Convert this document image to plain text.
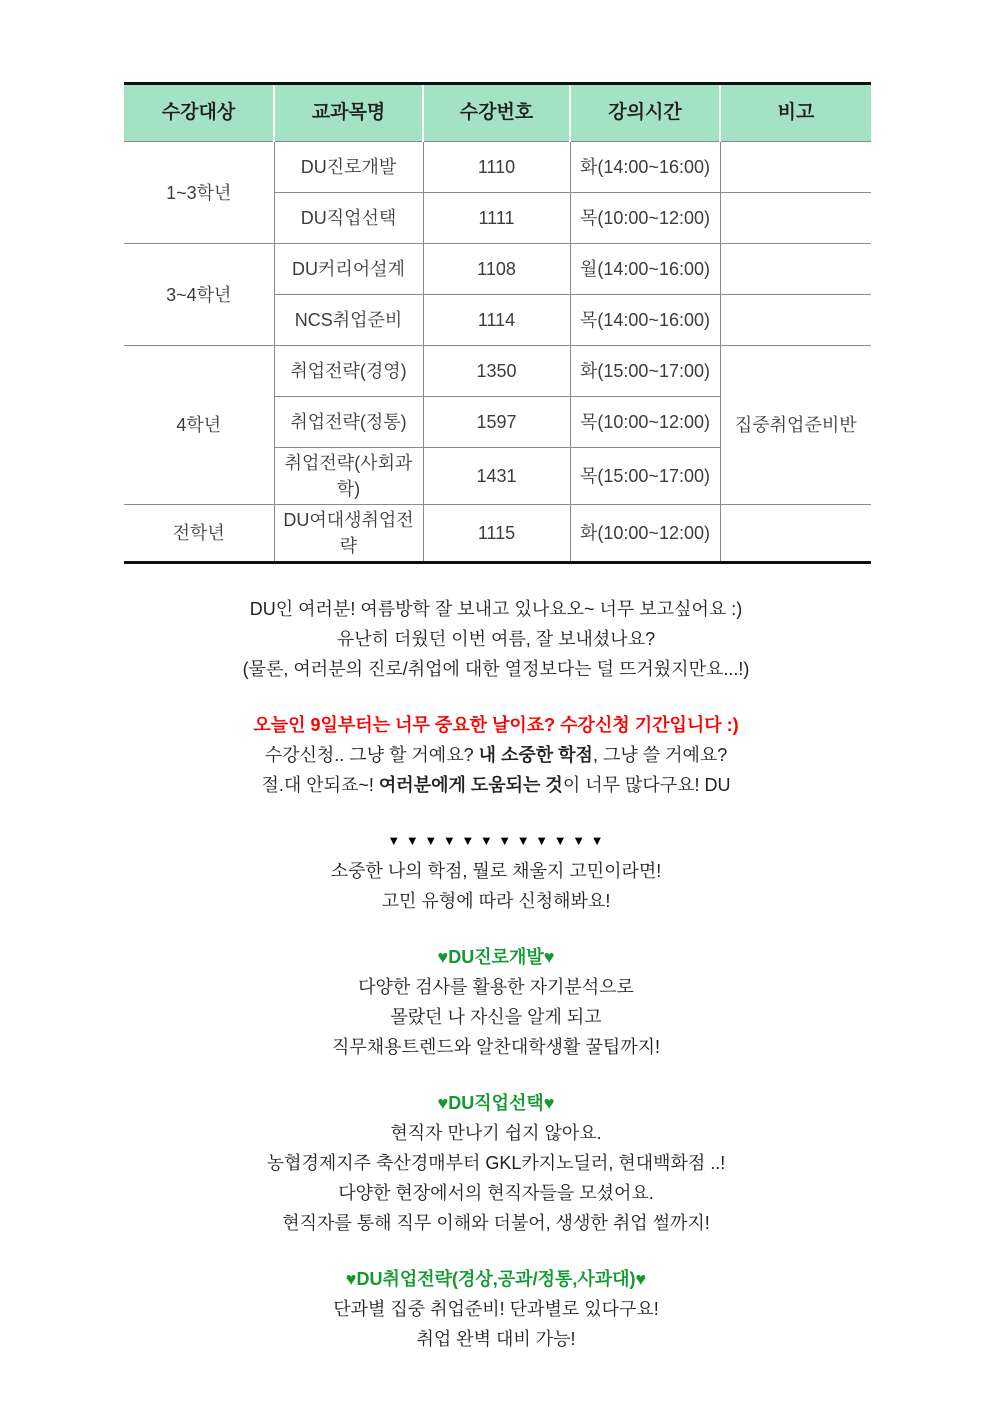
수강대상	교과목명	수강번호	강의시간	비고
1~3학년	DU진로개발	1110	화(14:00~16:00)	
	DU직업선택	1111	목(10:00~12:00)	
3~4학년	DU커리어설계	1108	월(14:00~16:00)	
	NCS취업준비	1114	목(14:00~16:00)	
4학년	취업전략(경영)	1350	화(15:00~17:00)	집중취업준비반
	취업전략(정통)	1597	목(10:00~12:00)	
	취업전략(사회과학)	1431	목(15:00~17:00)	
전학년	DU여대생취업전략	1115	화(10:00~12:00)	

DU인 여러분! 여름방학 잘 보내고 있나요오~ 너무 보고싶어요 :)
유난히 더웠던 이번 여름, 잘 보내셨나요?
(물론, 여러분의 진로/취업에 대한 열정보다는 덜 뜨거웠지만요...!)

오늘인 9일부터는 너무 중요한 날이죠? 수강신청 기간입니다 :)
수강신청.. 그냥 할 거예요? 내 소중한 학점, 그냥 쓸 거예요?
절.대 안되죠~! 여러분에게 도움되는 것이 너무 많다구요! DU

▼ ▼ ▼ ▼ ▼ ▼ ▼ ▼ ▼ ▼ ▼ ▼
소중한 나의 학점, 뭘로 채울지 고민이라면!
고민 유형에 따라 신청해봐요!

♥DU진로개발♥
다양한 검사를 활용한 자기분석으로
몰랐던 나 자신을 알게 되고
직무채용트렌드와 알찬대학생활 꿀팁까지!
♥DU직업선택♥
현직자 만나기 쉽지 않아요.
농협경제지주 축산경매부터 GKL카지노딜러, 현대백화점 ..!
다양한 현장에서의 현직자들을 모셨어요.
현직자를 통해 직무 이해와 더불어, 생생한 취업 썰까지!
♥DU취업전략(경상,공과/정통,사과대)♥
단과별 집중 취업준비! 단과별로 있다구요!
취업 완벽 대비 가능!
